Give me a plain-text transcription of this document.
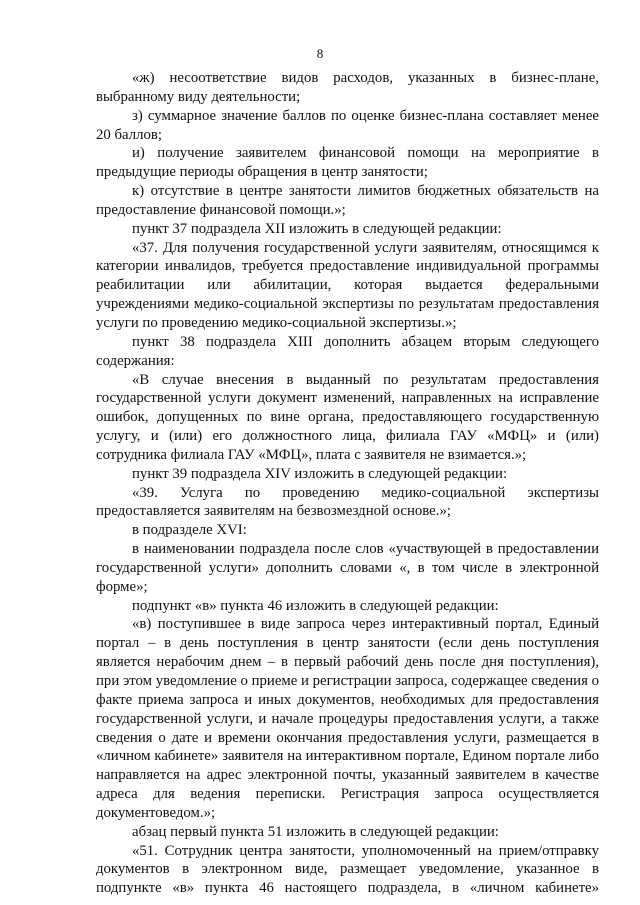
8

«ж) несоответствие видов расходов, указанных в бизнес-плане, выбранному виду деятельности;

з) суммарное значение баллов по оценке бизнес-плана составляет менее 20 баллов;

и) получение заявителем финансовой помощи на мероприятие в предыдущие периоды обращения в центр занятости;

к) отсутствие в центре занятости лимитов бюджетных обязательств на предоставление финансовой помощи.»;

пункт 37 подраздела XII изложить в следующей редакции:

«37. Для получения государственной услуги заявителям, относящимся к категории инвалидов, требуется предоставление индивидуальной программы реабилитации или абилитации, которая выдается федеральными учреждениями медико-социальной экспертизы по результатам предоставления услуги по проведению медико-социальной экспертизы.»;

пункт 38 подраздела XIII дополнить абзацем вторым следующего содержания:

«В случае внесения в выданный по результатам предоставления государственной услуги документ изменений, направленных на исправление ошибок, допущенных по вине органа, предоставляющего государственную услугу, и (или) его должностного лица, филиала ГАУ «МФЦ» и (или) сотрудника филиала ГАУ «МФЦ», плата с заявителя не взимается.»;

пункт 39 подраздела XIV изложить в следующей редакции:

«39. Услуга по проведению медико-социальной экспертизы предоставляется заявителям на безвозмездной основе.»;

в подразделе XVI:

в наименовании подраздела после слов «участвующей в предоставлении государственной услуги» дополнить словами «, в том числе в электронной форме»;

подпункт «в» пункта 46 изложить в следующей редакции:

«в) поступившее в виде запроса через интерактивный портал, Единый портал – в день поступления в центр занятости (если день поступления является нерабочим днем – в первый рабочий день после дня поступления), при этом уведомление о приеме и регистрации запроса, содержащее сведения о факте приема запроса и иных документов, необходимых для предоставления государственной услуги, и начале процедуры предоставления услуги, а также сведения о дате и времени окончания предоставления услуги, размещается в «личном кабинете» заявителя на интерактивном портале, Едином портале либо направляется на адрес электронной почты, указанный заявителем в качестве адреса для ведения переписки. Регистрация запроса осуществляется документоведом.»;

абзац первый пункта 51 изложить в следующей редакции:

«51. Сотрудник центра занятости, уполномоченный на прием/отправку документов в электронном виде, размещает уведомление, указанное в подпункте «в» пункта 46 настоящего подраздела, в «личном кабинете»
